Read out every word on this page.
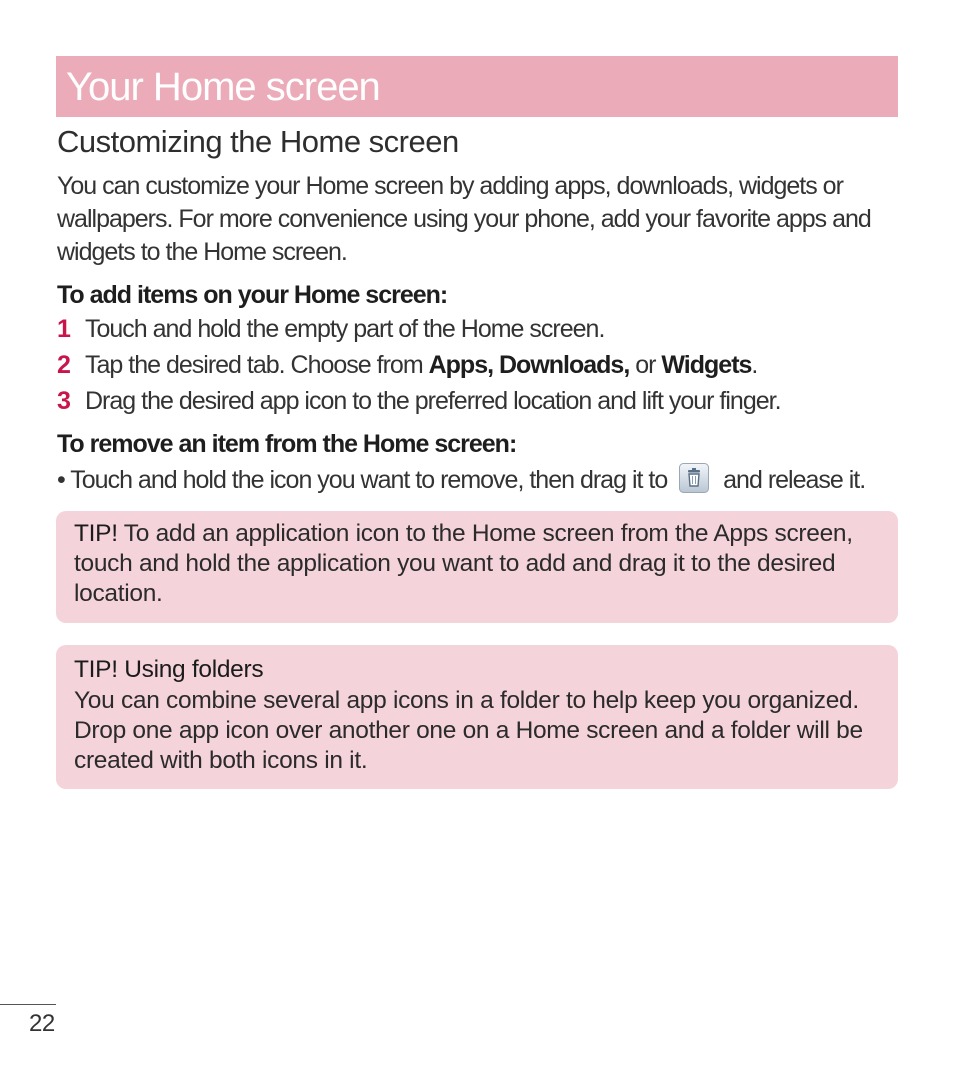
Your Home screen
Customizing the Home screen
You can customize your Home screen by adding apps, downloads, widgets or
wallpapers. For more convenience using your phone, add your favorite apps and
widgets to the Home screen.
To add items on your Home screen:
1 Touch and hold the empty part of the Home screen.
2 Tap the desired tab. Choose from Apps, Downloads, or Widgets.
3 Drag the desired app icon to the preferred location and lift your finger.
To remove an item from the Home screen:
• Touch and hold the icon you want to remove, then drag it to and release it.
TIP! To add an application icon to the Home screen from the Apps screen,
touch and hold the application you want to add and drag it to the desired
location.
TIP! Using folders
You can combine several app icons in a folder to help keep you organized.
Drop one app icon over another one on a Home screen and a folder will be
created with both icons in it.
22
